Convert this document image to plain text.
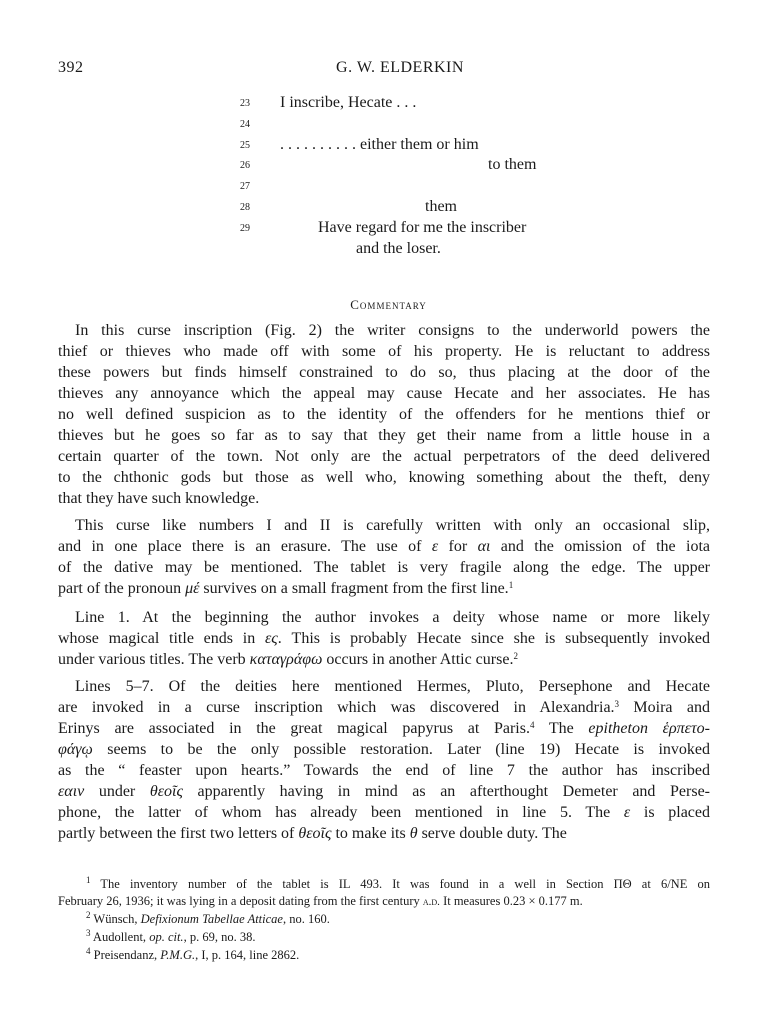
392	G. W. ELDERKIN
23 I inscribe, Hecate . . .
24
25 . . . . . . . . . . either them or him
26	to them
27
28	them
29	Have regard for me the inscriber
and the loser.
Commentary
In this curse inscription (Fig. 2) the writer consigns to the underworld powers the
thief or thieves who made off with some of his property. He is reluctant to address
these powers but finds himself constrained to do so, thus placing at the door of the
thieves any annoyance which the appeal may cause Hecate and her associates. He has
no well defined suspicion as to the identity of the offenders for he mentions thief or
thieves but he goes so far as to say that they get their name from a little house in a
certain quarter of the town. Not only are the actual perpetrators of the deed delivered
to the chthonic gods but those as well who, knowing something about the theft, deny
that they have such knowledge.
This curse like numbers I and II is carefully written with only an occasional slip,
and in one place there is an erasure. The use of ε for αι and the omission of the iota
of the dative may be mentioned. The tablet is very fragile along the edge. The upper
part of the pronoun μέ survives on a small fragment from the first line.$^1$
Line 1. At the beginning the author invokes a deity whose name or more likely
whose magical title ends in ες. This is probably Hecate since she is subsequently invoked
under various titles. The verb καταγράφω occurs in another Attic curse.$^2$
Lines 5–7. Of the deities here mentioned Hermes, Pluto, Persephone and Hecate
are invoked in a curse inscription which was discovered in Alexandria.$^3$ Moira and
Erinys are associated in the great magical papyrus at Paris.$^4$ The epitheton ἑρπετο-
φάγῳ seems to be the only possible restoration. Later (line 19) Hecate is invoked
as the “ feaster upon hearts.” Towards the end of line 7 the author has inscribed
εαιν under θεοῖς apparently having in mind as an afterthought Demeter and Perse-
phone, the latter of whom has already been mentioned in line 5. The ε is placed
partly between the first two letters of θεοῖς to make its θ serve double duty. The
$^1$ The inventory number of the tablet is IL 493. It was found in a well in Section ΠΘ at 6/NE on
February 26, 1936; it was lying in a deposit dating from the first century a.d. It measures 0.23 × 0.177 m.
$^2$ Wünsch, Defixionum Tabellae Atticae, no. 160.
$^3$ Audollent, op. cit., p. 69, no. 38.
$^4$ Preisendanz, P.M.G., I, p. 164, line 2862.
